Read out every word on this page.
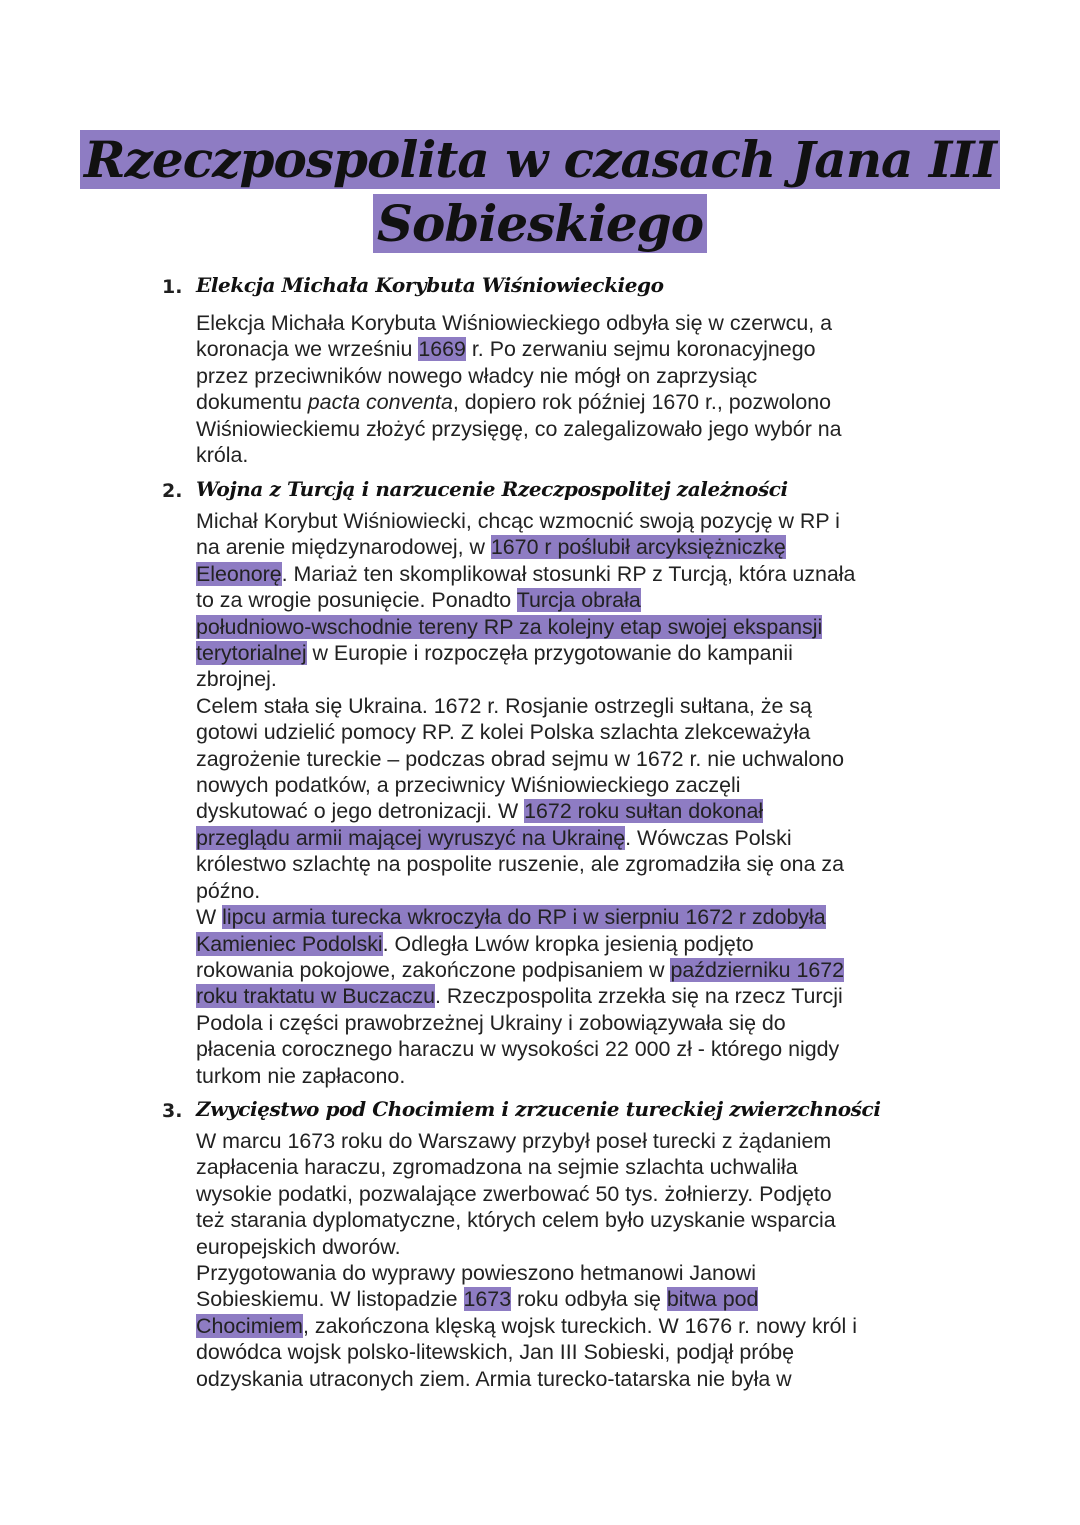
Rzeczpospolita w czasach Jana III
Sobieskiego
1. Elekcja Michała Korybuta Wiśniowieckiego
Elekcja Michała Korybuta Wiśniowieckiego odbyła się w czerwcu, a
koronacja we wrześniu 1669 r. Po zerwaniu sejmu koronacyjnego
przez przeciwników nowego władcy nie mógł on zaprzysiąc
dokumentu pacta conventa, dopiero rok później 1670 r., pozwolono
Wiśniowieckiemu złożyć przysięgę, co zalegalizowało jego wybór na
króla.
2. Wojna z Turcją i narzucenie Rzeczpospolitej zależności
Michał Korybut Wiśniowiecki, chcąc wzmocnić swoją pozycję w RP i
na arenie międzynarodowej, w 1670 r poślubił arcyksiężniczkę
Eleonorę. Mariaż ten skomplikował stosunki RP z Turcją, która uznała
to za wrogie posunięcie. Ponadto Turcja obrała
południowo-wschodnie tereny RP za kolejny etap swojej ekspansji
terytorialnej w Europie i rozpoczęła przygotowanie do kampanii
zbrojnej.
Celem stała się Ukraina. 1672 r. Rosjanie ostrzegli sułtana, że są
gotowi udzielić pomocy RP. Z kolei Polska szlachta zlekceważyła
zagrożenie tureckie – podczas obrad sejmu w 1672 r. nie uchwalono
nowych podatków, a przeciwnicy Wiśniowieckiego zaczęli
dyskutować o jego detronizacji. W 1672 roku sułtan dokonał
przeglądu armii mającej wyruszyć na Ukrainę. Wówczas Polski
królestwo szlachtę na pospolite ruszenie, ale zgromadziła się ona za
późno.
W lipcu armia turecka wkroczyła do RP i w sierpniu 1672 r zdobyła
Kamieniec Podolski. Odległa Lwów kropka jesienią podjęto
rokowania pokojowe, zakończone podpisaniem w październiku 1672
roku traktatu w Buczaczu. Rzeczpospolita zrzekła się na rzecz Turcji
Podola i części prawobrzeżnej Ukrainy i zobowiązywała się do
płacenia corocznego haraczu w wysokości 22 000 zł - którego nigdy
turkom nie zapłacono.
3. Zwycięstwo pod Chocimiem i zrzucenie tureckiej zwierzchności
W marcu 1673 roku do Warszawy przybył poseł turecki z żądaniem
zapłacenia haraczu, zgromadzona na sejmie szlachta uchwaliła
wysokie podatki, pozwalające zwerbować 50 tys. żołnierzy. Podjęto
też starania dyplomatyczne, których celem było uzyskanie wsparcia
europejskich dworów.
Przygotowania do wyprawy powieszono hetmanowi Janowi
Sobieskiemu. W listopadzie 1673 roku odbyła się bitwa pod
Chocimiem, zakończona klęską wojsk tureckich. W 1676 r. nowy król i
dowódca wojsk polsko-litewskich, Jan III Sobieski, podjął próbę
odzyskania utraconych ziem. Armia turecko-tatarska nie była w
